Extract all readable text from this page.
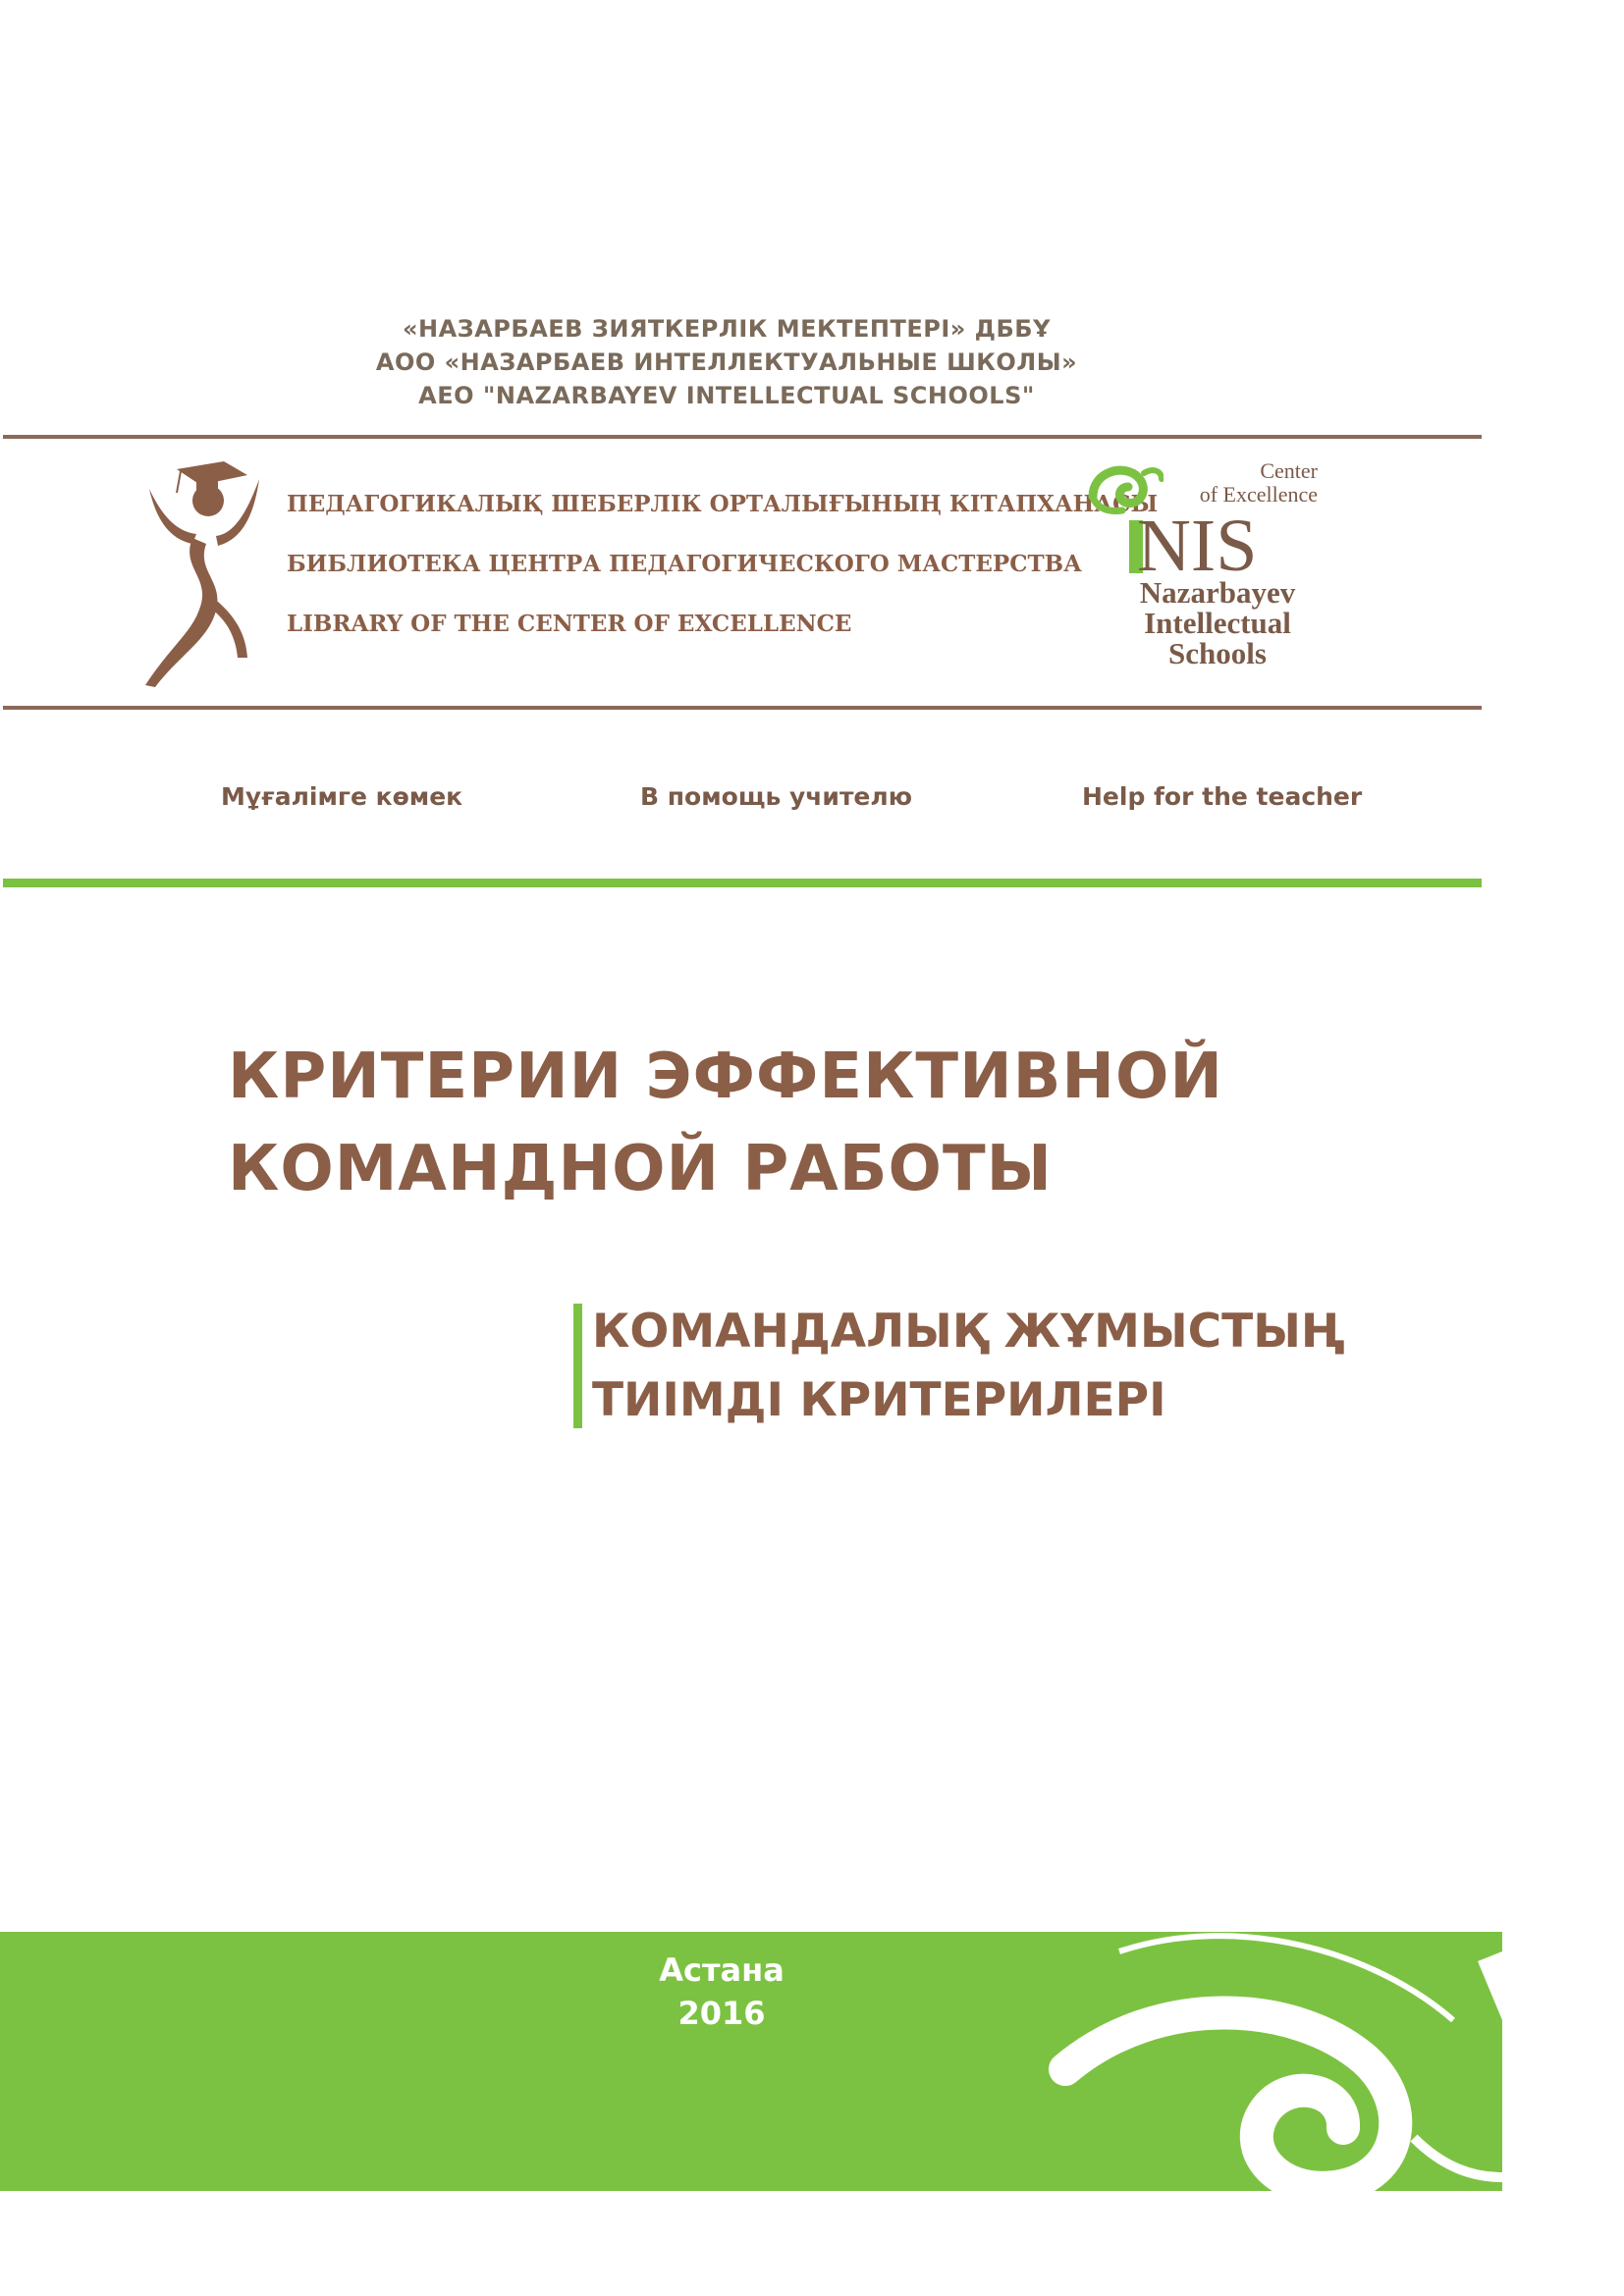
«НАЗАРБАЕВ ЗИЯТКЕРЛІК МЕКТЕПТЕРІ» ДББҰ
АОО «НАЗАРБАЕВ ИНТЕЛЛЕКТУАЛЬНЫЕ ШКОЛЫ»
AEO "NAZARBAYEV INTELLECTUAL SCHOOLS"
ПЕДАГОГИКАЛЫҚ ШЕБЕРЛІК ОРТАЛЫҒЫНЫҢ КІТАПХАНАСЫ
БИБЛИОТЕКА ЦЕНТРА ПЕДАГОГИЧЕСКОГО МАСТЕРСТВА
LIBRARY OF THE CENTER OF EXCELLENCE
Center
of Excellence
NIS
Nazarbayev
Intellectual
Schools
Мұғалімге көмек	В помощь учителю	Help for the teacher
КРИТЕРИИ ЭФФЕКТИВНОЙ
КОМАНДНОЙ РАБОТЫ
КОМАНДАЛЫҚ ЖҰМЫСТЫҢ
ТИІМДІ КРИТЕРИЛЕРІ
Астана
2016
